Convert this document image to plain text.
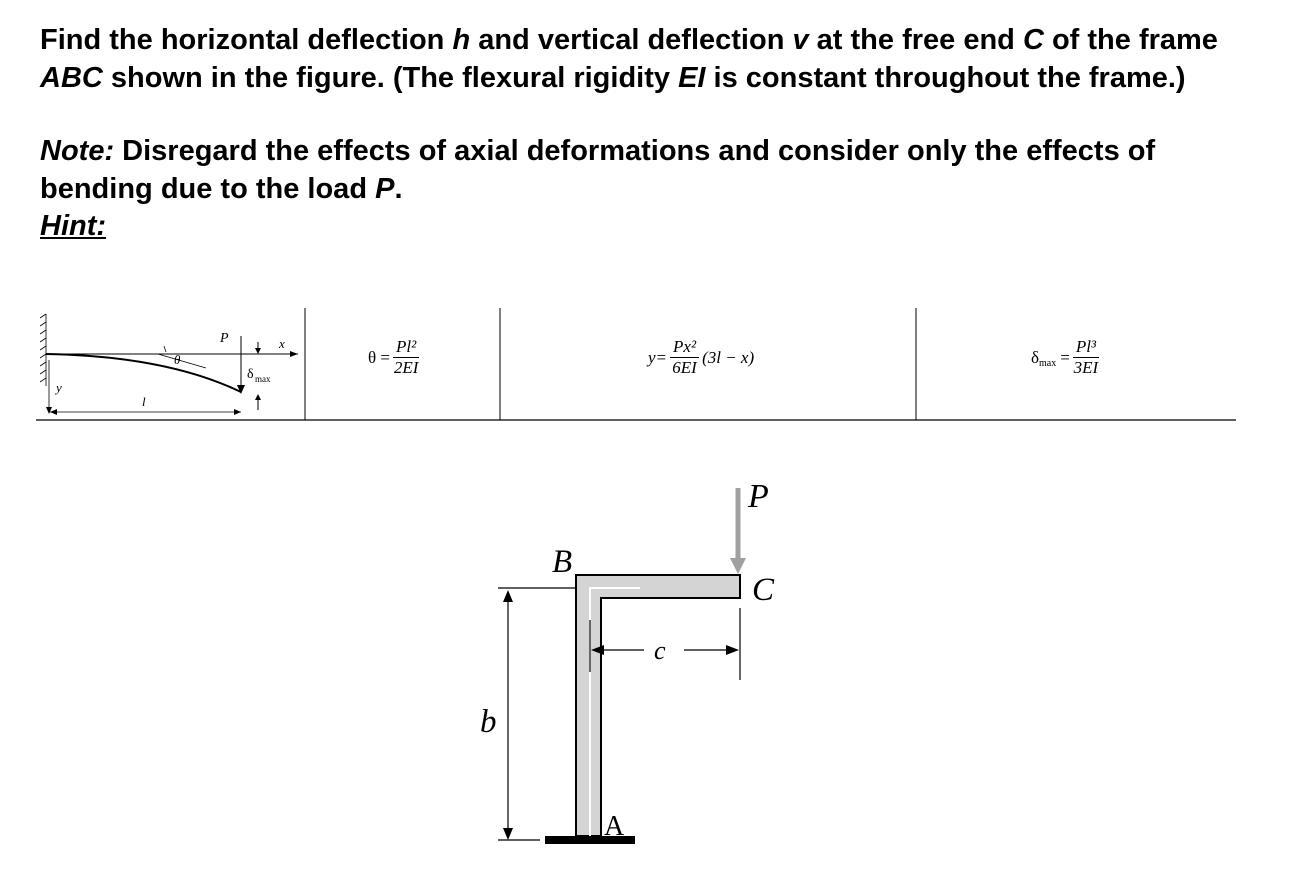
Find the horizontal deflection h and vertical deflection v at the free end C of the frame ABC shown in the figure. (The flexural rigidity EI is constant throughout the frame.)

Note: Disregard the effects of axial deformations and consider only the effects of bending due to the load P.

Hint:

P	x
y
θ
l
δ max
$\theta = \frac{\text{Pl²}}{2EI}$	$y= \frac{\text{Px²}}{6EI} (3l - x)$	δ $\max = \frac{\text{Pl³}}{3EI}$
P
B
C
c
b
A
